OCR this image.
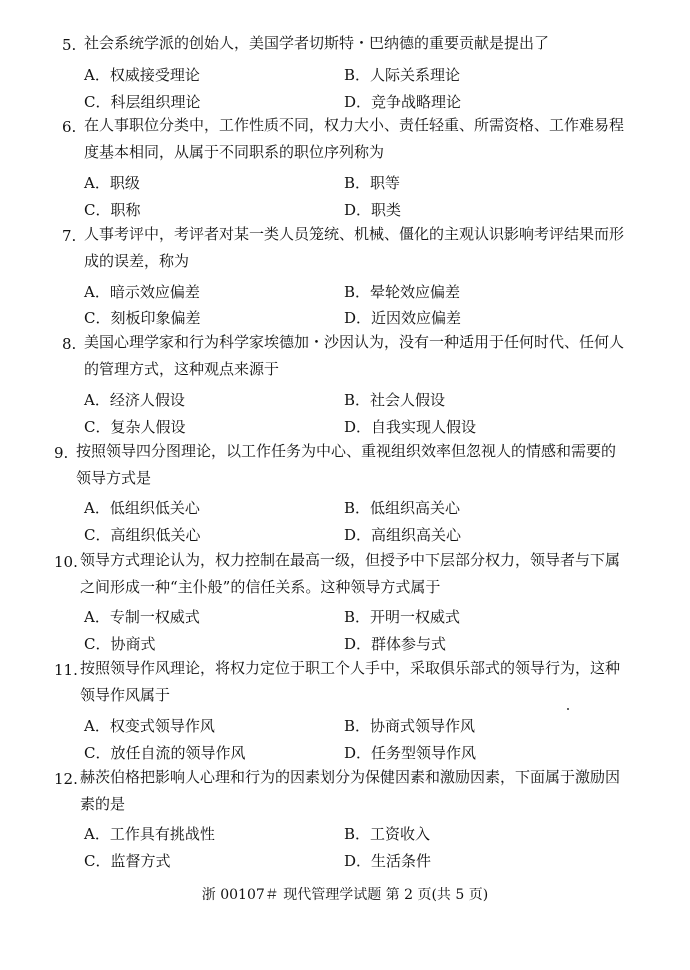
5. 社会系统学派的创始人，美国学者切斯特・巴纳德的重要贡献是提出了
A．权威接受理论	B．人际关系理论
C．科层组织理论	D．竞争战略理论
6. 在人事职位分类中，工作性质不同，权力大小、责任轻重、所需资格、工作难易程
度基本相同，从属于不同职系的职位序列称为
A．职级	B．职等
C．职称	D．职类
7. 人事考评中，考评者对某一类人员笼统、机械、僵化的主观认识影响考评结果而形
成的误差，称为
A．暗示效应偏差	B．晕轮效应偏差
C．刻板印象偏差	D．近因效应偏差
8. 美国心理学家和行为科学家埃德加・沙因认为，没有一种适用于任何时代、任何人
的管理方式，这种观点来源于
A．经济人假设	B．社会人假设
C．复杂人假设	D．自我实现人假设
9. 按照领导四分图理论，以工作任务为中心、重视组织效率但忽视人的情感和需要的
领导方式是
A．低组织低关心	B．低组织高关心
C．高组织低关心	D．高组织高关心
10. 领导方式理论认为，权力控制在最高一级，但授予中下层部分权力，领导者与下属
之间形成一种“主仆般”的信任关系。这种领导方式属于
A．专制一权威式	B．开明一权威式
C．协商式	D．群体参与式
11. 按照领导作风理论，将权力定位于职工个人手中，采取俱乐部式的领导行为，这种
领导作风属于
A．权变式领导作风	B．协商式领导作风
C．放任自流的领导作风	D．任务型领导作风
12. 赫茨伯格把影响人心理和行为的因素划分为保健因素和激励因素，下面属于激励因
素的是
A．工作具有挑战性	B．工资收入
C．监督方式	D．生活条件
浙 00107＃ 现代管理学试题 第 2 页(共 5 页)
